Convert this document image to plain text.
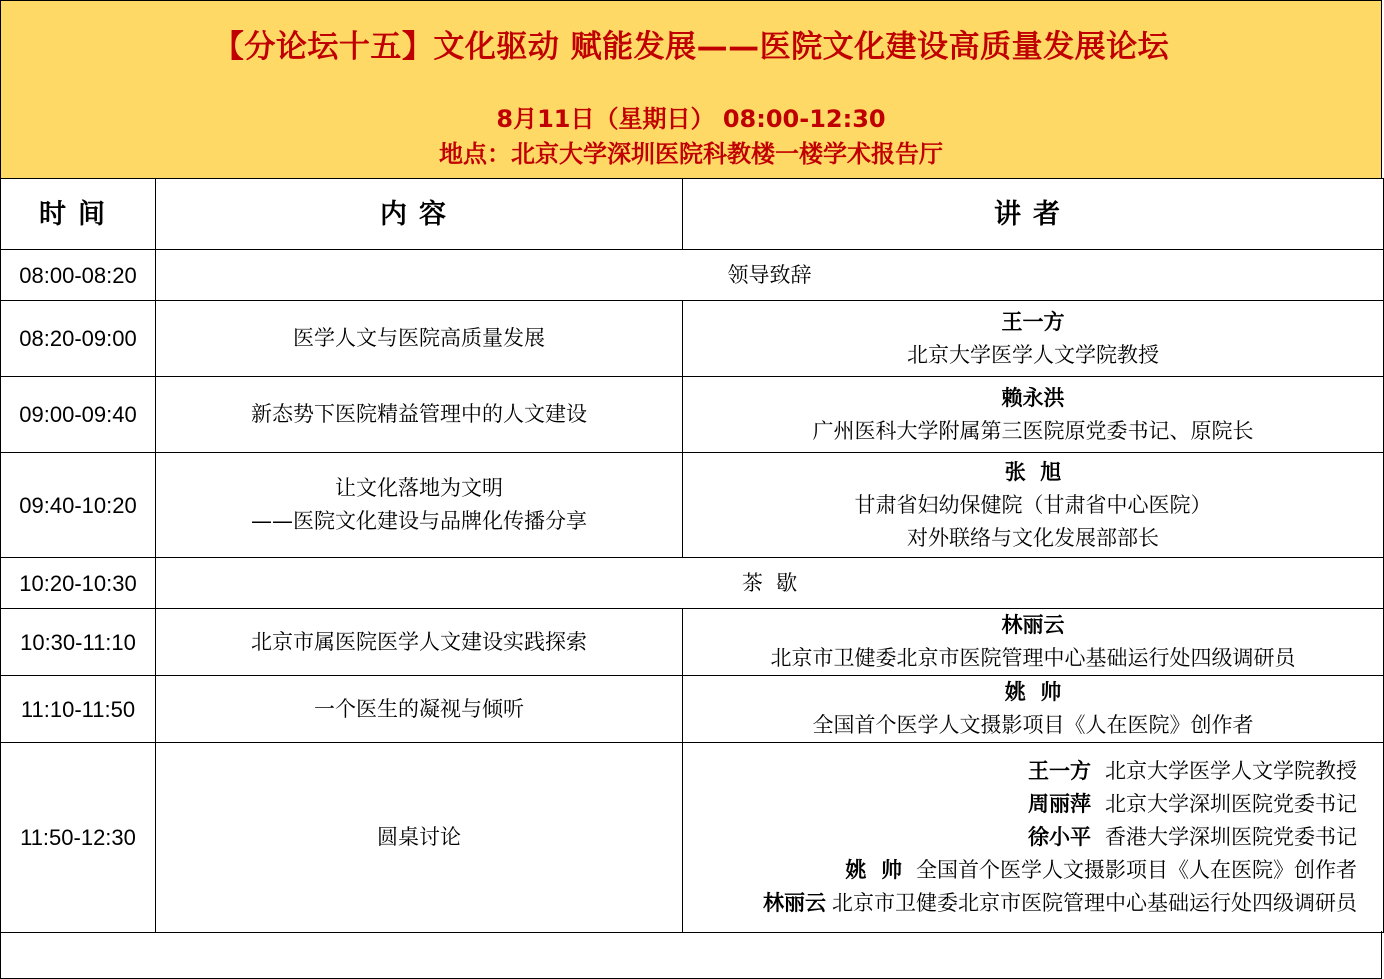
【分论坛十五】文化驱动 赋能发展——医院文化建设高质量发展论坛
8月11日（星期日） 08:00-12:30
地点：北京大学深圳医院科教楼一楼学术报告厅
时间	内容	讲者
08:00-08:20	领导致辞	
08:20-09:00	医学人文与医院高质量发展	王一方
北京大学医学人文学院教授
09:00-09:40	新态势下医院精益管理中的人文建设	赖永洪
广州医科大学附属第三医院原党委书记、原院长
09:40-10:20	让文化落地为文明
——医院文化建设与品牌化传播分享	张  旭
甘肃省妇幼保健院（甘肃省中心医院）
对外联络与文化发展部部长

10:20-10:30	茶  歇	
10:30-11:10	北京市属医院医学人文建设实践探索	林丽云
北京市卫健委北京市医院管理中心基础运行处四级调研员
11:10-11:50	一个医生的凝视与倾听	姚  帅
全国首个医学人文摄影项目《人在医院》创作者
11:50-12:30	圆桌讨论	王一方 北京大学医学人文学院教授
周丽萍 北京大学深圳医院党委书记
徐小平 香港大学深圳医院党委书记
姚  帅 全国首个医学人文摄影项目《人在医院》创作者
林丽云 北京市卫健委北京市医院管理中心基础运行处四级调研员
